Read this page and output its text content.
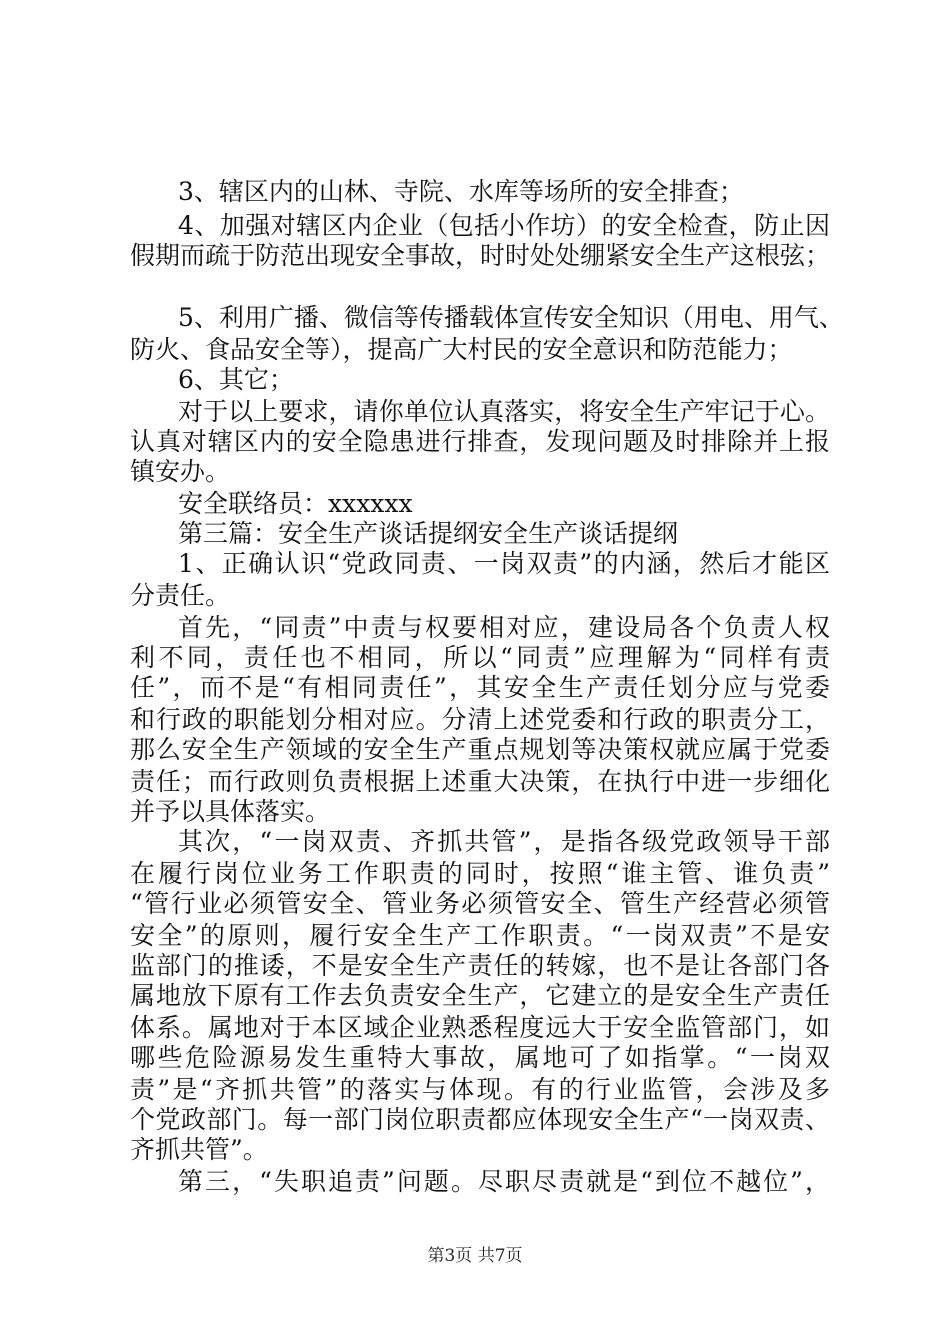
3、辖区内的山林、寺院、水库等场所的安全排查；
4、加强对辖区内企业（包括小作坊）的安全检查，防止因
假期而疏于防范出现安全事故，时时处处绷紧安全生产这根弦；
5、利用广播、微信等传播载体宣传安全知识（用电、用气、
防火、食品安全等），提高广大村民的安全意识和防范能力；
6、其它；
对于以上要求，请你单位认真落实，将安全生产牢记于心。
认真对辖区内的安全隐患进行排查，发现问题及时排除并上报
镇安办。
安全联络员：xxxxxx
第三篇：安全生产谈话提纲安全生产谈话提纲
1、正确认识“党政同责、一岗双责”的内涵，然后才能区
分责任。
首先，“同责”中责与权要相对应，建设局各个负责人权
利不同，责任也不相同，所以“同责”应理解为“同样有责
任”，而不是“有相同责任”，其安全生产责任划分应与党委
和行政的职能划分相对应。分清上述党委和行政的职责分工，
那么安全生产领域的安全生产重点规划等决策权就应属于党委
责任；而行政则负责根据上述重大决策，在执行中进一步细化
并予以具体落实。
其次，“一岗双责、齐抓共管”，是指各级党政领导干部
在履行岗位业务工作职责的同时，按照“谁主管、谁负责”
“管行业必须管安全、管业务必须管安全、管生产经营必须管
安全”的原则，履行安全生产工作职责。“一岗双责”不是安
监部门的推诿，不是安全生产责任的转嫁，也不是让各部门各
属地放下原有工作去负责安全生产，它建立的是安全生产责任
体系。属地对于本区域企业熟悉程度远大于安全监管部门，如
哪些危险源易发生重特大事故，属地可了如指掌。“一岗双
责”是“齐抓共管”的落实与体现。有的行业监管，会涉及多
个党政部门。每一部门岗位职责都应体现安全生产“一岗双责、
齐抓共管”。
第三，“失职追责”问题。尽职尽责就是“到位不越位”，
第3页 共7页
